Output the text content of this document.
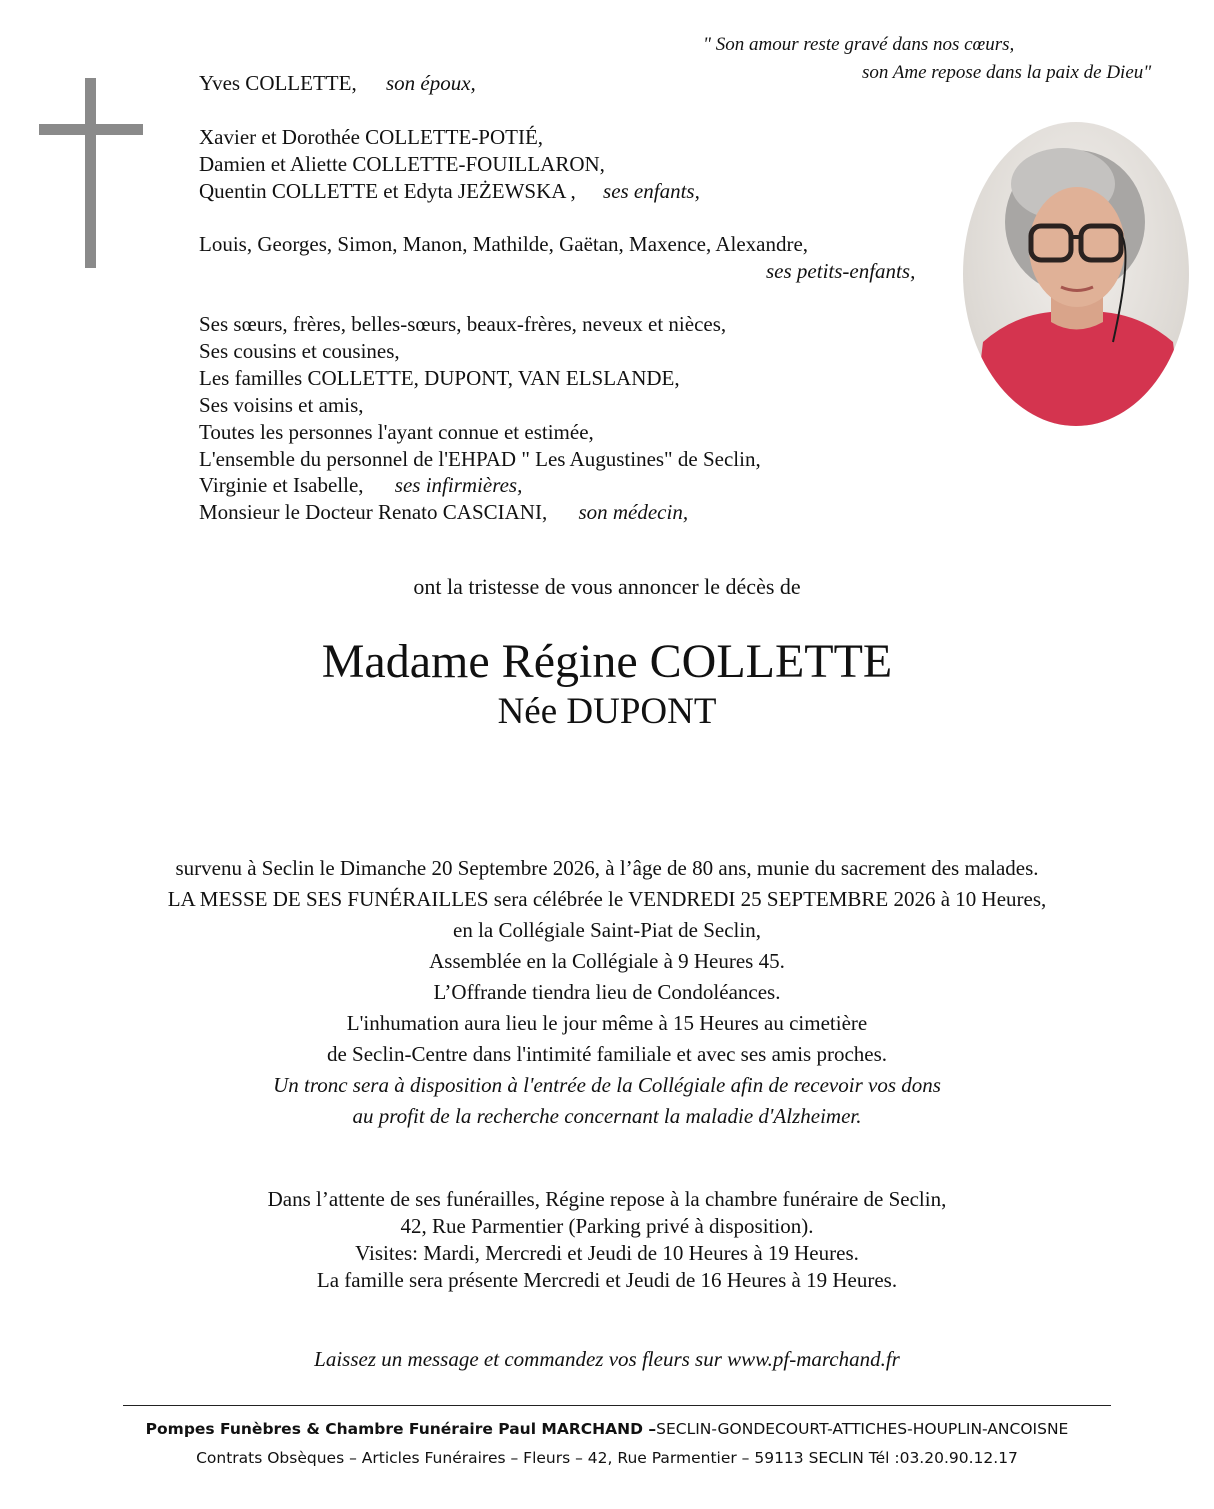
" Son amour reste gravé dans nos cœurs,
son Ame repose dans la paix de Dieu"
Yves COLLETTE, son époux,
Xavier et Dorothée COLLETTE-POTIÉ,
Damien et Aliette COLLETTE-FOUILLARON,
Quentin COLLETTE et Edyta JEŻEWSKA , ses enfants,
Louis, Georges, Simon, Manon, Mathilde, Gaëtan, Maxence, Alexandre,
ses petits-enfants,
Ses sœurs, frères, belles-sœurs, beaux-frères, neveux et nièces,
Ses cousins et cousines,
Les familles COLLETTE, DUPONT, VAN ELSLANDE,
Ses voisins et amis,
Toutes les personnes l'ayant connue et estimée,
L'ensemble du personnel de l'EHPAD " Les Augustines" de Seclin,
Virginie et Isabelle, ses infirmières,
Monsieur le Docteur Renato CASCIANI, son médecin,
ont la tristesse de vous annoncer le décès de
Madame Régine COLLETTE
Née DUPONT
survenu à Seclin le Dimanche 20 Septembre 2026, à l’âge de 80 ans, munie du sacrement des malades.
LA MESSE DE SES FUNÉRAILLES sera célébrée le VENDREDI 25 SEPTEMBRE 2026 à 10 Heures,
en la Collégiale Saint-Piat de Seclin,
Assemblée en la Collégiale à 9 Heures 45.
L’Offrande tiendra lieu de Condoléances.
L'inhumation aura lieu le jour même à 15 Heures au cimetière
de Seclin-Centre dans l'intimité familiale et avec ses amis proches.
Un tronc sera à disposition à l'entrée de la Collégiale afin de recevoir vos dons
au profit de la recherche concernant la maladie d'Alzheimer.
Dans l’attente de ses funérailles, Régine repose à la chambre funéraire de Seclin,
42, Rue Parmentier (Parking privé à disposition).
Visites: Mardi, Mercredi et Jeudi de 10 Heures à 19 Heures.
La famille sera présente Mercredi et Jeudi de 16 Heures à 19 Heures.
Laissez un message et commandez vos fleurs sur www.pf-marchand.fr
Pompes Funèbres & Chambre Funéraire Paul MARCHAND –SECLIN-GONDECOURT-ATTICHES-HOUPLIN-ANCOISNE
Contrats Obsèques – Articles Funéraires – Fleurs – 42, Rue Parmentier – 59113 SECLIN Tél :03.20.90.12.17
